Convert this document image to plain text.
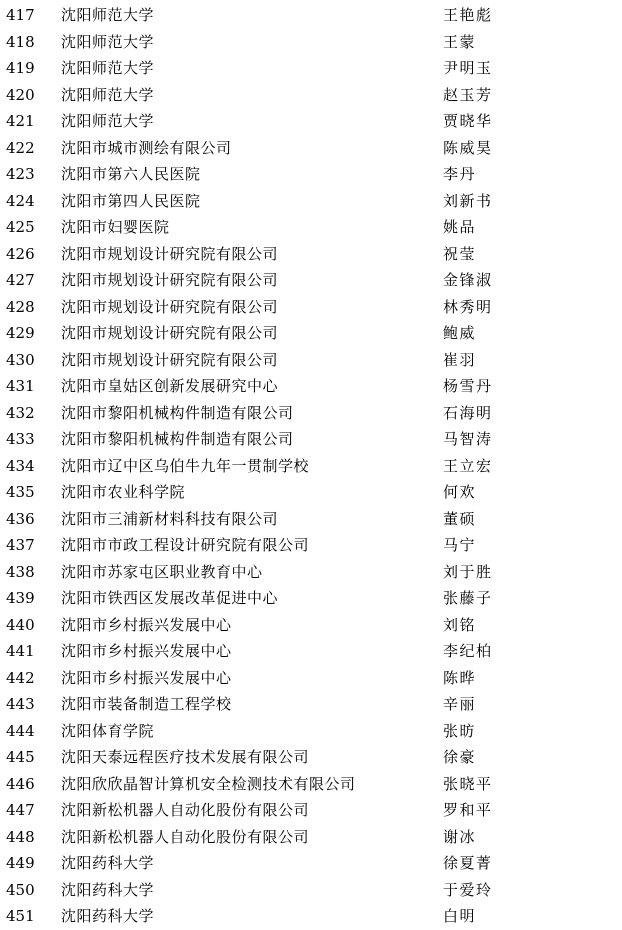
417 沈阳师范大学	王艳彪
418 沈阳师范大学	王蒙
419 沈阳师范大学	尹明玉
420 沈阳师范大学	赵玉芳
421 沈阳师范大学	贾晓华
422 沈阳市城市测绘有限公司	陈威昊
423 沈阳市第六人民医院	李丹
424 沈阳市第四人民医院	刘新书
425 沈阳市妇婴医院	姚品
426 沈阳市规划设计研究院有限公司	祝莹
427 沈阳市规划设计研究院有限公司	金锋淑
428 沈阳市规划设计研究院有限公司	林秀明
429 沈阳市规划设计研究院有限公司	鲍威
430 沈阳市规划设计研究院有限公司	崔羽
431 沈阳市皇姑区创新发展研究中心	杨雪丹
432 沈阳市黎阳机械构件制造有限公司	石海明
433 沈阳市黎阳机械构件制造有限公司	马智涛
434 沈阳市辽中区乌伯牛九年一贯制学校	王立宏
435 沈阳市农业科学院	何欢
436 沈阳市三浦新材料科技有限公司	董硕
437 沈阳市市政工程设计研究院有限公司	马宁
438 沈阳市苏家屯区职业教育中心	刘于胜
439 沈阳市铁西区发展改革促进中心	张藤子
440 沈阳市乡村振兴发展中心	刘铭
441 沈阳市乡村振兴发展中心	李纪柏
442 沈阳市乡村振兴发展中心	陈晔
443 沈阳市装备制造工程学校	辛丽
444 沈阳体育学院	张昉
445 沈阳天泰远程医疗技术发展有限公司	徐豪
446 沈阳欣欣晶智计算机安全检测技术有限公司	张晓平
447 沈阳新松机器人自动化股份有限公司	罗和平
448 沈阳新松机器人自动化股份有限公司	谢冰
449 沈阳药科大学	徐夏菁
450 沈阳药科大学	于爱玲
451 沈阳药科大学	白明
